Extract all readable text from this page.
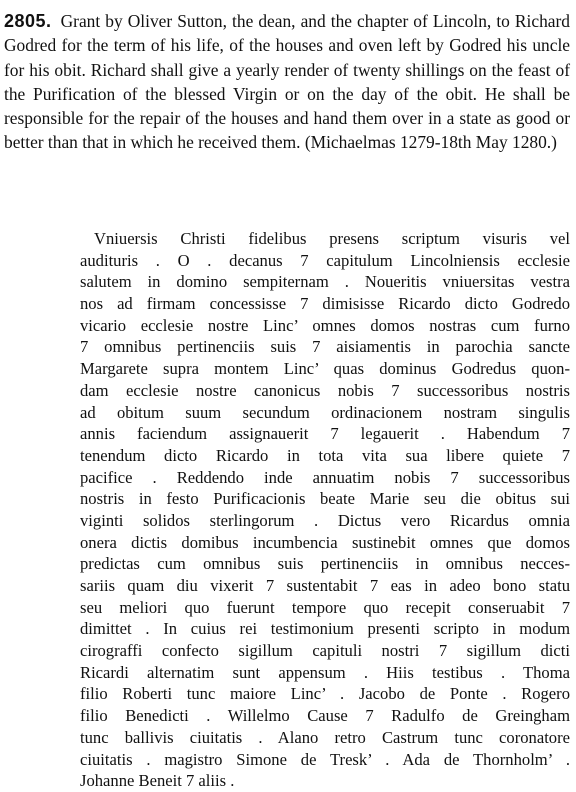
2805. Grant by Oliver Sutton, the dean, and the chapter of Lincoln, to Richard Godred for the term of his life, of the houses and oven left by Godred his uncle for his obit. Richard shall give a yearly render of twenty shillings on the feast of the Purification of the blessed Virgin or on the day of the obit. He shall be responsible for the repair of the houses and hand them over in a state as good or better than that in which he received them. (Michaelmas 1279-18th May 1280.)
Vniuersis Christi fidelibus presens scriptum visuris vel
audituris . O . decanus 7 capitulum Lincolniensis ecclesie
salutem in domino sempiternam . Noueritis vniuersitas vestra
nos ad firmam concessisse 7 dimisisse Ricardo dicto Godredo
vicario ecclesie nostre Linc’ omnes domos nostras cum furno
7 omnibus pertinenciis suis 7 aisiamentis in parochia sancte
Margarete supra montem Linc’ quas dominus Godredus quon-
dam ecclesie nostre canonicus nobis 7 successoribus nostris
ad obitum suum secundum ordinacionem nostram singulis
annis faciendum assignauerit 7 legauerit . Habendum 7
tenendum dicto Ricardo in tota vita sua libere quiete 7
pacifice . Reddendo inde annuatim nobis 7 successoribus
nostris in festo Purificacionis beate Marie seu die obitus sui
viginti solidos sterlingorum . Dictus vero Ricardus omnia
onera dictis domibus incumbencia sustinebit omnes que domos
predictas cum omnibus suis pertinenciis in omnibus necces-
sariis quam diu vixerit 7 sustentabit 7 eas in adeo bono statu
seu meliori quo fuerunt tempore quo recepit conseruabit 7
dimittet . In cuius rei testimonium presenti scripto in modum
cirograffi confecto sigillum capituli nostri 7 sigillum dicti
Ricardi alternatim sunt appensum . Hiis testibus . Thoma
filio Roberti tunc maiore Linc’ . Jacobo de Ponte . Rogero
filio Benedicti . Willelmo Cause 7 Radulfo de Greingham
tunc ballivis ciuitatis . Alano retro Castrum tunc coronatore
ciuitatis . magistro Simone de Tresk’ . Ada de Thornholm’ .
Johanne Beneit 7 aliis .
